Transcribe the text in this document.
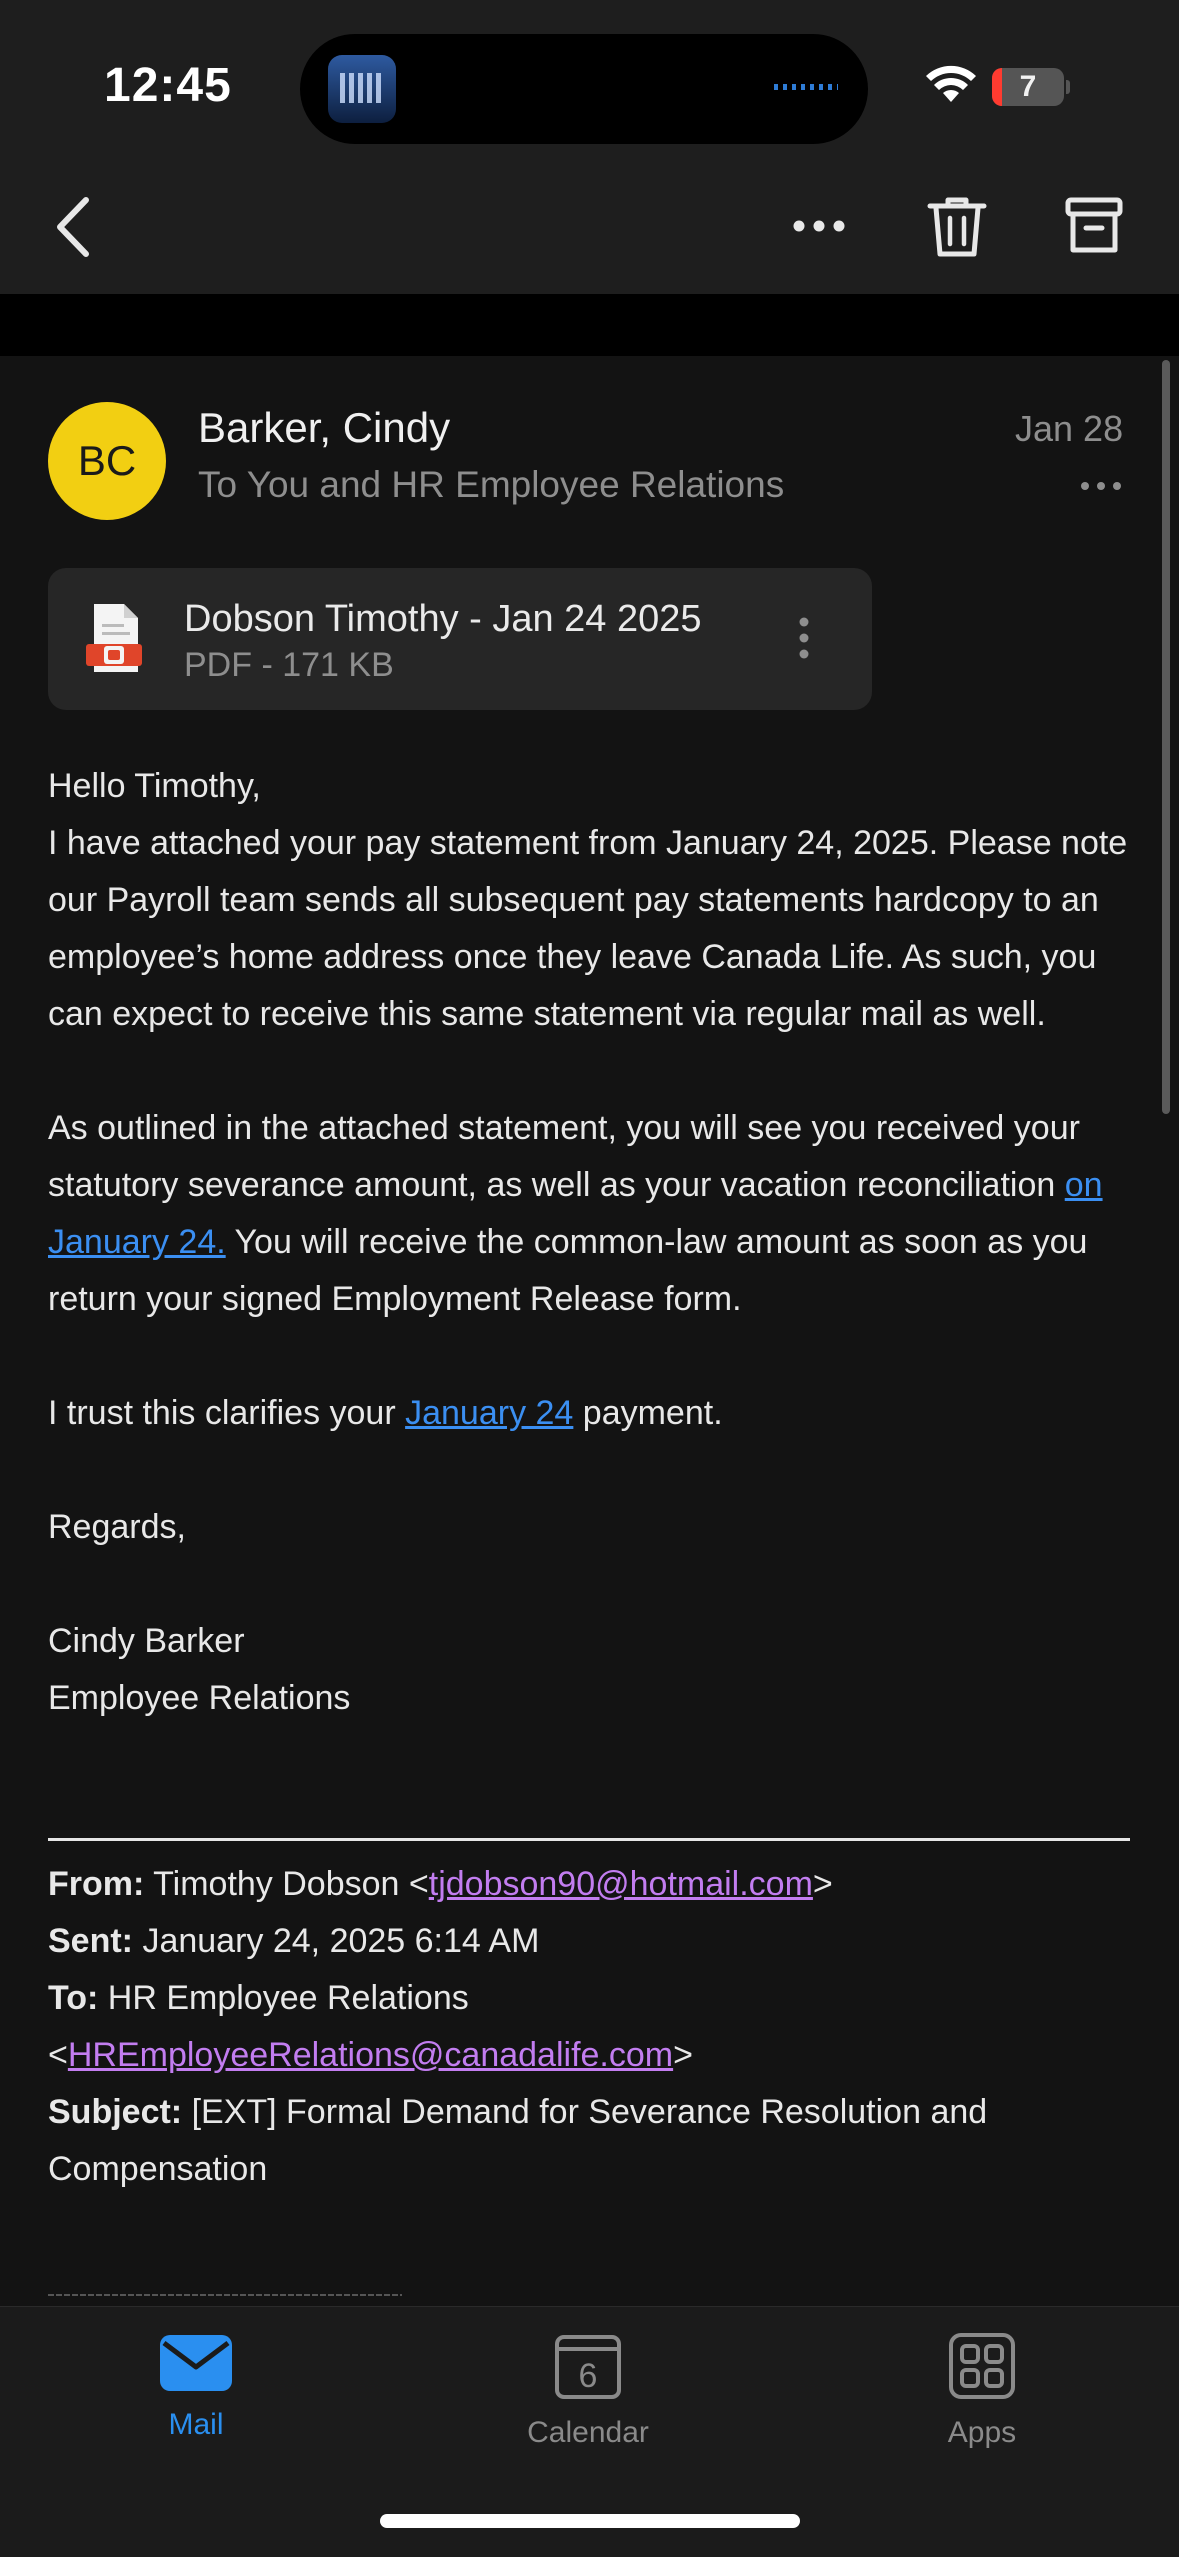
12:45	7
BC
Barker, Cindy
To You and HR Employee Relations
Jan 28
Dobson Timothy - Jan 24 2025
PDF - 171 KB
Hello Timothy,
I have attached your pay statement from January 24, 2025. Please note our Payroll team sends all subsequent pay statements hardcopy to an employee’s home address once they leave Canada Life. As such, you can expect to receive this same statement via regular mail as well.
As outlined in the attached statement, you will see you received your statutory severance amount, as well as your vacation reconciliation on January 24. You will receive the common-law amount as soon as you return your signed Employment Release form.
I trust this clarifies your January 24 payment.
Regards,
Cindy Barker
Employee Relations
From: Timothy Dobson <tjdobson90@hotmail.com>
Sent: January 24, 2025 6:14 AM
To: HR Employee Relations
<HREmployeeRelations@canadalife.com>
Subject: [EXT] Formal Demand for Severance Resolution and Compensation
Mail
6
Calendar	Apps
